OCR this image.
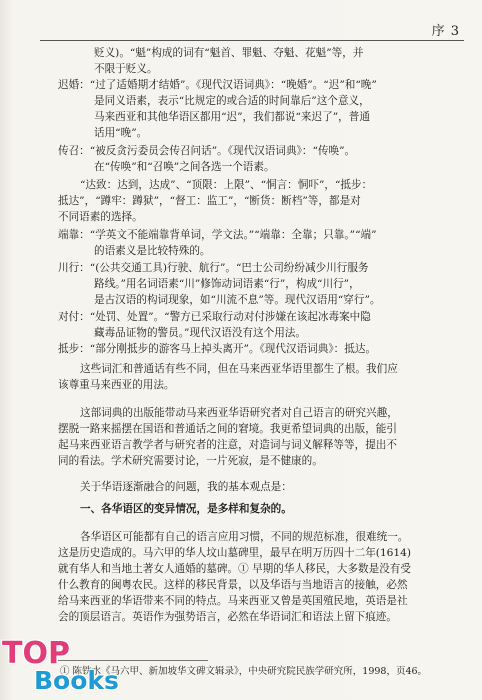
序 3
贬义)。“魁”构成的词有“魁首、罪魁、夺魁、花魁”等，并
不限于贬义。
迟婚：“过了适婚期才结婚”。《现代汉语词典》：“晚婚”。“迟”和“晚”
是同义语素，表示“比规定的或合适的时间靠后”这个意义，
马来西亚和其他华语区都用“迟”，我们都说“来迟了”，普通
话用“晚”。
传召：“被反贪污委员会传召问话”。《现代汉语词典》：“传唤”。
在“传唤”和“召唤”之间各选一个语素。
“达致：达到，达成”、“顶限：上限”、“恫言：恫吓”，“抵步：
抵达”，“蹲牢：蹲狱”，“督工：监工”，“断货：断档”等，都是对
不同语素的选择。
端靠：“学英文不能端靠背单词，学文法。”“端靠：全靠；只靠。”“端”
的语素义是比较特殊的。
川行：“(公共交通工具)行驶、航行”。“巴士公司纷纷减少川行服务
路线。”用名词语素“川”修饰动词语素“行”，构成“川行”，
是古汉语的构词现象，如“川流不息”等。现代汉语用“穿行”。
对付：“处罚、处置”。“警方已采取行动对付涉嫌在该起冰毒案中隐
藏毒品证物的警员。”现代汉语没有这个用法。
抵步：“部分刚抵步的游客马上掉头离开”。《现代汉语词典》：抵达。
这些词汇和普通话有些不同，但在马来西亚华语里都生了根。我们应
该尊重马来西亚的用法。
这部词典的出版能带动马来西亚华语研究者对自己语言的研究兴趣，
摆脱一路来摇摆在国语和普通话之间的窘境。我更希望词典的出版，能引
起马来西亚语言教学者与研究者的注意，对造词与词义解释等等，提出不
同的看法。学术研究需要讨论，一片死寂，是不健康的。
关于华语逐渐融合的问题，我的基本观点是：
一、各华语区的变异情况，是多样和复杂的。
各华语区可能都有自己的语言应用习惯，不同的规范标准，很难统一。
这是历史造成的。马六甲的华人坟山墓碑里，最早在明万历四十二年(1614)
就有华人和当地土著女人通婚的墓碑。① 早期的华人移民，大多数是没有受
什么教育的闽粤农民。这样的移民背景，以及华语与当地语言的接触，必然
给马来西亚的华语带来不同的特点。马来西亚又曾是英国殖民地，英语是社
会的顶层语言。英语作为强势语言，必然在华语词汇和语法上留下痕迹。
① 陈铁水《马六甲、新加坡华文碑文辑录》，中央研究院民族学研究所，1998，页46。
TOP
Books
